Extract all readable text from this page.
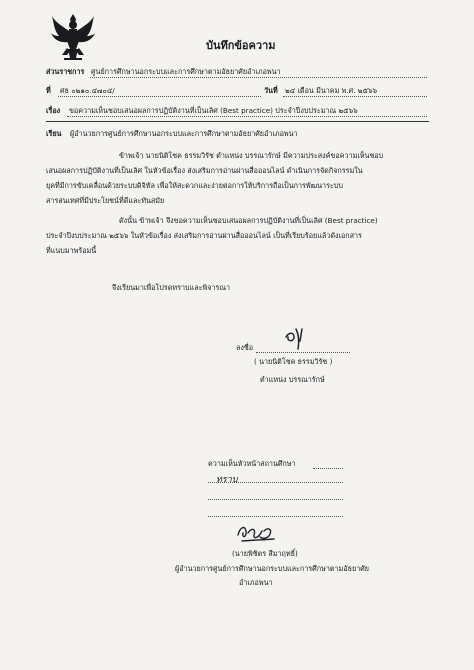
บันทึกข้อความ
ส่วนราชการ ศูนย์การศึกษานอกระบบและการศึกษาตามอัธยาศัยอำเภอพนา
ที่ ศธ ๐๒๑๐.๔๗๐๔/	วันที่ ๒๔ เดือน มีนาคม พ.ศ. ๒๕๖๖
เรื่อง ขอความเห็นชอบเสนอผลการปฏิบัติงานที่เป็นเลิศ (Best practice) ประจำปีงบประมาณ ๒๕๖๖
เรียน ผู้อำนวยการศูนย์การศึกษานอกระบบและการศึกษาตามอัธยาศัยอำเภอพนา
ข้าพเจ้า นายนิติโชค ธรรมวิรัช ตำแหน่ง บรรณารักษ์ มีความประสงค์ขอความเห็นชอบ
เสนอผลการปฏิบัติงานที่เป็นเลิศ ในหัวข้อเรื่อง ส่งเสริมการอ่านผ่านสื่อออนไลน์ ดำเนินการจัดกิจกรรมใน
ยุคที่มีการขับเคลื่อนด้วยระบบดิจิทัล เพื่อให้สะดวกและง่ายต่อการให้บริการถือเป็นการพัฒนาระบบ
สารสนเทศที่มีประโยชน์ที่ดีและทันสมัย
ดังนั้น ข้าพเจ้า จึงขอความเห็นชอบเสนอผลการปฏิบัติงานที่เป็นเลิศ (Best practice)
ประจำปีงบประมาณ ๒๕๖๖ ในหัวข้อเรื่อง ส่งเสริมการอ่านผ่านสื่อออนไลน์ เป็นที่เรียบร้อยแล้วดังเอกสาร
ที่แนบมาพร้อมนี้
จึงเรียนมาเพื่อโปรดทราบและพิจารณา
ลงชื่อ
( นายนิติโชค ธรรมวิรัช )
ตำแหน่ง บรรณารักษ์
ความเห็นหัวหน้าสถานศึกษา
ทราบ
(นายพิชิตร สีมาฤทธิ์)
ผู้อำนวยการศูนย์การศึกษานอกระบบและการศึกษาตามอัธยาศัย
อำเภอพนา
